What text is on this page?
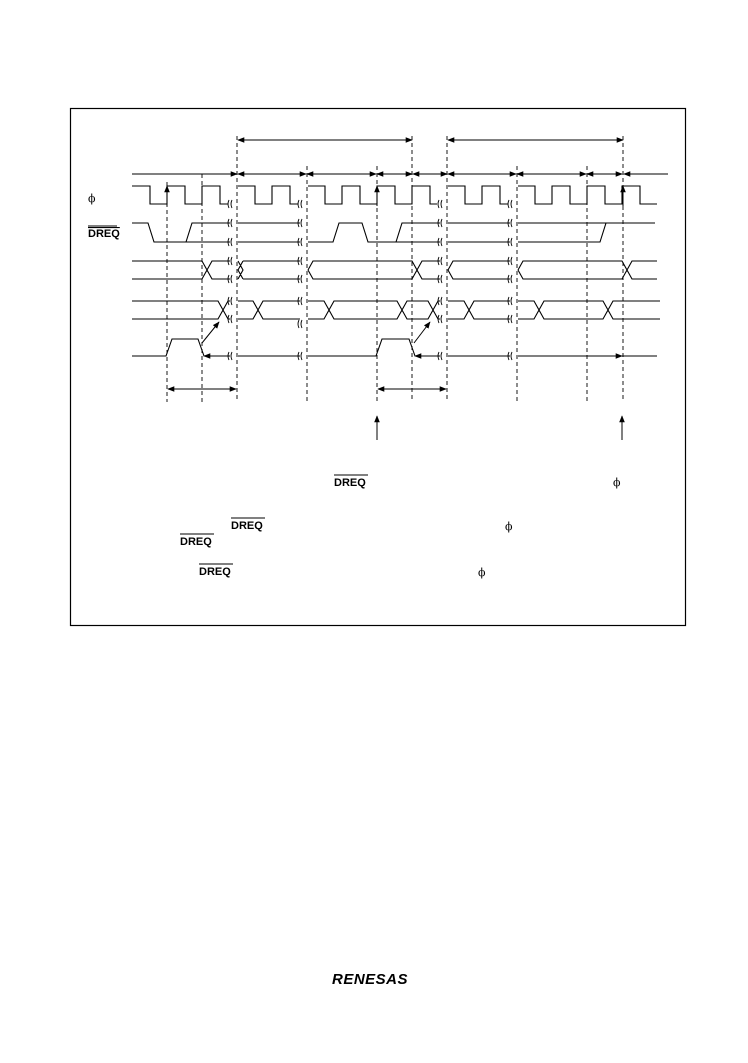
ϕ
DREQ
DREQ	ϕ
DREQ
DREQ
ϕ
DREQ	ϕ
RENESAS
